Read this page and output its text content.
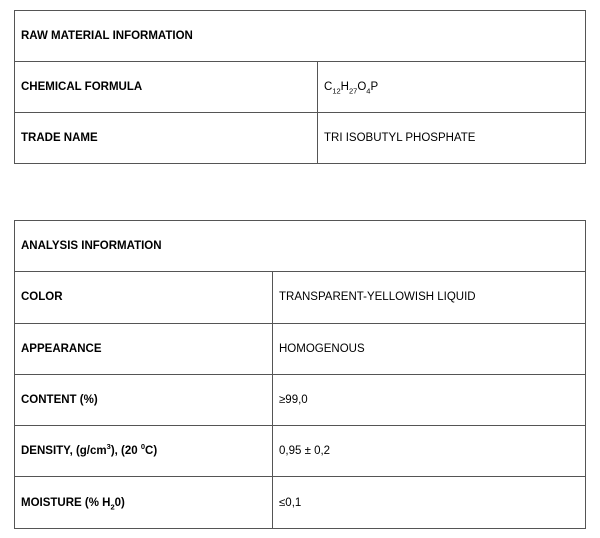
RAW MATERIAL INFORMATION	
CHEMICAL FORMULA	$C_{12}H_{27}O_4P$
TRADE NAME	TRI ISOBUTYL PHOSPHATE
ANALYSIS INFORMATION	
COLOR	TRANSPARENT-YELLOWISH LIQUID
APPEARANCE	HOMOGENOUS
CONTENT (%)	≥99,0
DENSITY, $(g/cm^3)$, (20 $^0$C)	0,95 ± 0,2
MOISTURE (% $H_20$)	≤0,1
